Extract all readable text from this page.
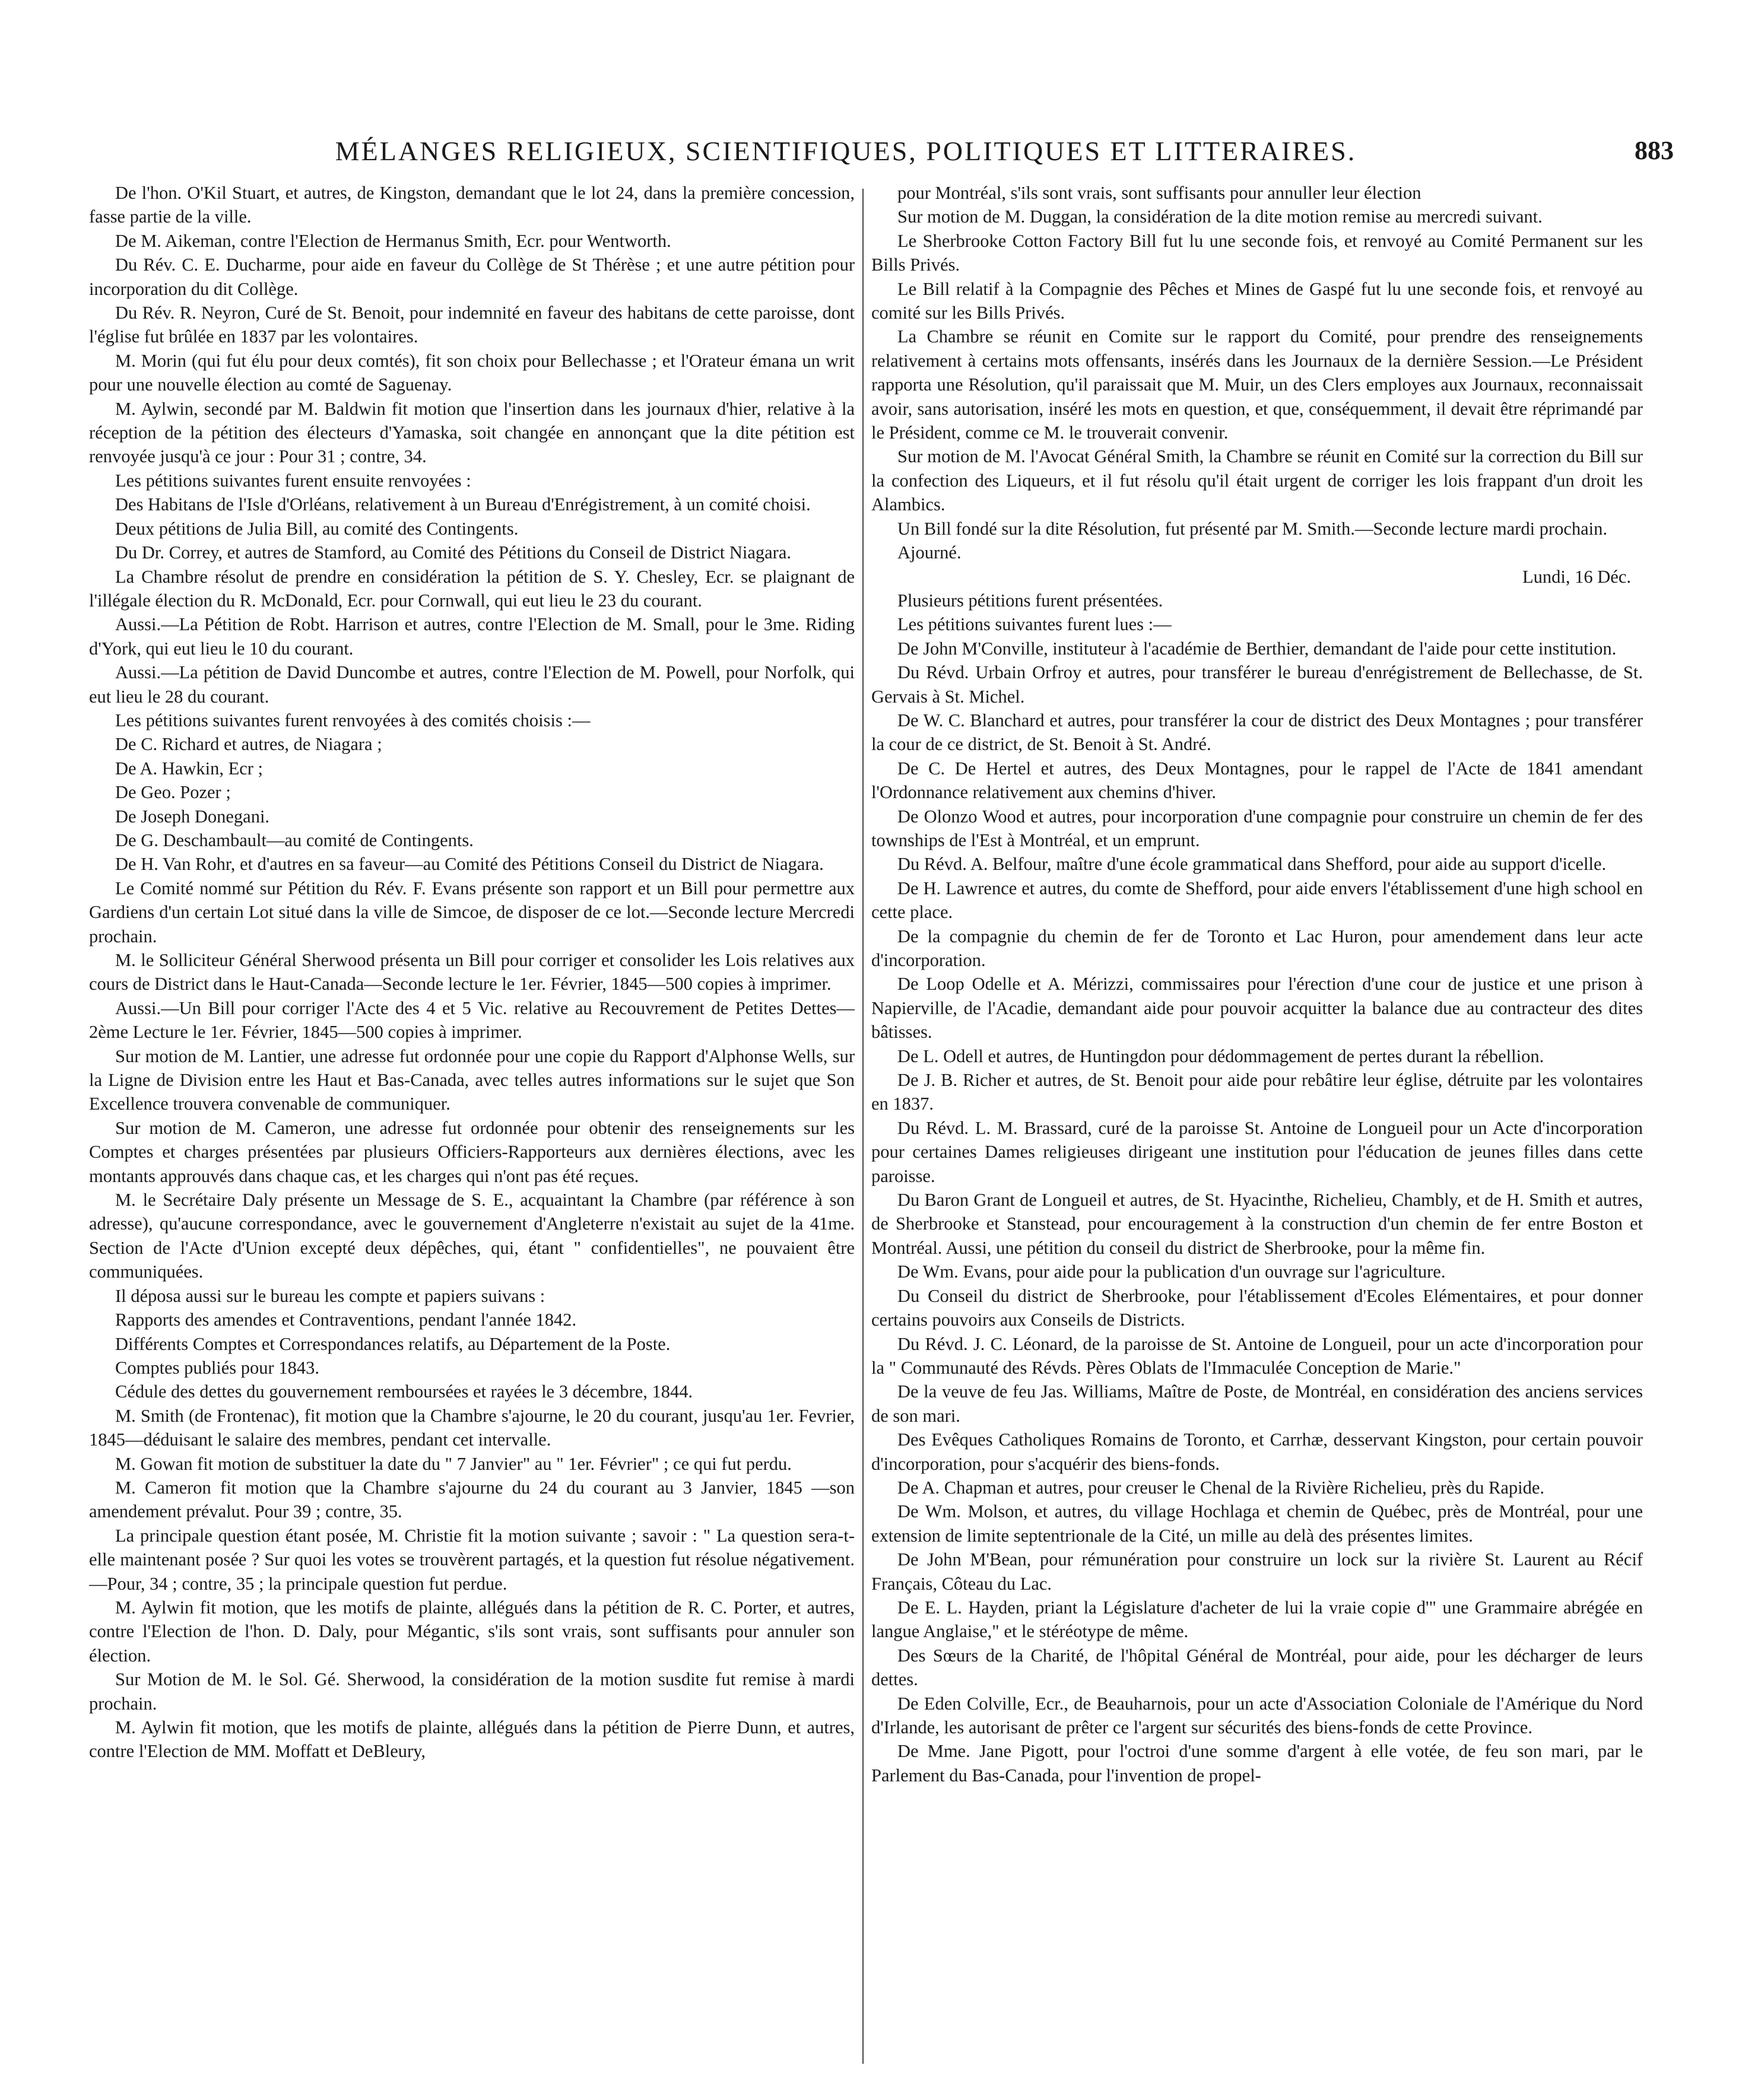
MÉLANGES RELIGIEUX, SCIENTIFIQUES, POLITIQUES ET LITTERAIRES.	883

De l'hon. O'Kil Stuart, et autres, de Kingston, demandant que le lot 24, dans la première concession, fasse partie de la ville.

De M. Aikeman, contre l'Election de Hermanus Smith, Ecr. pour Wentworth.

Du Rév. C. E. Ducharme, pour aide en faveur du Collège de St Thérèse ; et une autre pétition pour incorporation du dit Collège.

Du Rév. R. Neyron, Curé de St. Benoit, pour indemnité en faveur des habitans de cette paroisse, dont l'église fut brûlée en 1837 par les volontaires.

M. Morin (qui fut élu pour deux comtés), fit son choix pour Bellechasse ; et l'Orateur émana un writ pour une nouvelle élection au comté de Saguenay.

M. Aylwin, secondé par M. Baldwin fit motion que l'insertion dans les journaux d'hier, relative à la réception de la pétition des électeurs d'Yamaska, soit changée en annonçant que la dite pétition est renvoyée jusqu'à ce jour : Pour 31 ; contre, 34.

Les pétitions suivantes furent ensuite renvoyées :

Des Habitans de l'Isle d'Orléans, relativement à un Bureau d'Enrégistrement, à un comité choisi.

Deux pétitions de Julia Bill, au comité des Contingents.

Du Dr. Correy, et autres de Stamford, au Comité des Pétitions du Conseil de District Niagara.

La Chambre résolut de prendre en considération la pétition de S. Y. Chesley, Ecr. se plaignant de l'illégale élection du R. McDonald, Ecr. pour Cornwall, qui eut lieu le 23 du courant.

Aussi.—La Pétition de Robt. Harrison et autres, contre l'Election de M. Small, pour le 3me. Riding d'York, qui eut lieu le 10 du courant.

Aussi.—La pétition de David Duncombe et autres, contre l'Election de M. Powell, pour Norfolk, qui eut lieu le 28 du courant.

Les pétitions suivantes furent renvoyées à des comités choisis :—

De C. Richard et autres, de Niagara ;

De A. Hawkin, Ecr ;

De Geo. Pozer ;

De Joseph Donegani.

De G. Deschambault—au comité de Contingents.

De H. Van Rohr, et d'autres en sa faveur—au Comité des Pétitions Conseil du District de Niagara.

Le Comité nommé sur Pétition du Rév. F. Evans présente son rapport et un Bill pour permettre aux Gardiens d'un certain Lot situé dans la ville de Simcoe, de disposer de ce lot.—Seconde lecture Mercredi prochain.

M. le Solliciteur Général Sherwood présenta un Bill pour corriger et consolider les Lois relatives aux cours de District dans le Haut-Canada—Seconde lecture le 1er. Février, 1845—500 copies à imprimer.

Aussi.—Un Bill pour corriger l'Acte des 4 et 5 Vic. relative au Recouvrement de Petites Dettes—2ème Lecture le 1er. Février, 1845—500 copies à imprimer.

Sur motion de M. Lantier, une adresse fut ordonnée pour une copie du Rapport d'Alphonse Wells, sur la Ligne de Division entre les Haut et Bas-Canada, avec telles autres informations sur le sujet que Son Excellence trouvera convenable de communiquer.

Sur motion de M. Cameron, une adresse fut ordonnée pour obtenir des renseignements sur les Comptes et charges présentées par plusieurs Officiers-Rapporteurs aux dernières élections, avec les montants approuvés dans chaque cas, et les charges qui n'ont pas été reçues.

M. le Secrétaire Daly présente un Message de S. E., acquaintant la Chambre (par référence à son adresse), qu'aucune correspondance, avec le gouvernement d'Angleterre n'existait au sujet de la 41me. Section de l'Acte d'Union excepté deux dépêches, qui, étant " confidentielles", ne pouvaient être communiquées.

Il déposa aussi sur le bureau les compte et papiers suivans :

Rapports des amendes et Contraventions, pendant l'année 1842.

Différents Comptes et Correspondances relatifs, au Département de la Poste.

Comptes publiés pour 1843.

Cédule des dettes du gouvernement remboursées et rayées le 3 décembre, 1844.

M. Smith (de Frontenac), fit motion que la Chambre s'ajourne, le 20 du courant, jusqu'au 1er. Fevrier, 1845—déduisant le salaire des membres, pendant cet intervalle.

M. Gowan fit motion de substituer la date du " 7 Janvier" au " 1er. Février" ; ce qui fut perdu.

M. Cameron fit motion que la Chambre s'ajourne du 24 du courant au 3 Janvier, 1845 —son amendement prévalut. Pour 39 ; contre, 35.

La principale question étant posée, M. Christie fit la motion suivante ; savoir : " La question sera-t-elle maintenant posée ? Sur quoi les votes se trouvèrent partagés, et la question fut résolue négativement.—Pour, 34 ; contre, 35 ; la principale question fut perdue.

M. Aylwin fit motion, que les motifs de plainte, allégués dans la pétition de R. C. Porter, et autres, contre l'Election de l'hon. D. Daly, pour Mégantic, s'ils sont vrais, sont suffisants pour annuler son élection.

Sur Motion de M. le Sol. Gé. Sherwood, la considération de la motion susdite fut remise à mardi prochain.

M. Aylwin fit motion, que les motifs de plainte, allégués dans la pétition de Pierre Dunn, et autres, contre l'Election de MM. Moffatt et DeBleury,

pour Montréal, s'ils sont vrais, sont suffisants pour annuller leur élection

Sur motion de M. Duggan, la considération de la dite motion remise au mercredi suivant.

Le Sherbrooke Cotton Factory Bill fut lu une seconde fois, et renvoyé au Comité Permanent sur les Bills Privés.

Le Bill relatif à la Compagnie des Pêches et Mines de Gaspé fut lu une seconde fois, et renvoyé au comité sur les Bills Privés.

La Chambre se réunit en Comite sur le rapport du Comité, pour prendre des renseignements relativement à certains mots offensants, insérés dans les Journaux de la dernière Session.—Le Président rapporta une Résolution, qu'il paraissait que M. Muir, un des Clers employes aux Journaux, reconnaissait avoir, sans autorisation, inséré les mots en question, et que, conséquemment, il devait être réprimandé par le Président, comme ce M. le trouverait convenir.

Sur motion de M. l'Avocat Général Smith, la Chambre se réunit en Comité sur la correction du Bill sur la confection des Liqueurs, et il fut résolu qu'il était urgent de corriger les lois frappant d'un droit les Alambics.

Un Bill fondé sur la dite Résolution, fut présenté par M. Smith.—Seconde lecture mardi prochain.

Ajourné.

Lundi, 16 Déc.

Plusieurs pétitions furent présentées.

Les pétitions suivantes furent lues :—

De John M'Conville, instituteur à l'académie de Berthier, demandant de l'aide pour cette institution.

Du Révd. Urbain Orfroy et autres, pour transférer le bureau d'enrégistrement de Bellechasse, de St. Gervais à St. Michel.

De W. C. Blanchard et autres, pour transférer la cour de district des Deux Montagnes ; pour transférer la cour de ce district, de St. Benoit à St. André.

De C. De Hertel et autres, des Deux Montagnes, pour le rappel de l'Acte de 1841 amendant l'Ordonnance relativement aux chemins d'hiver.

De Olonzo Wood et autres, pour incorporation d'une compagnie pour construire un chemin de fer des townships de l'Est à Montréal, et un emprunt.

Du Révd. A. Belfour, maître d'une école grammatical dans Shefford, pour aide au support d'icelle.

De H. Lawrence et autres, du comte de Shefford, pour aide envers l'établissement d'une high school en cette place.

De la compagnie du chemin de fer de Toronto et Lac Huron, pour amendement dans leur acte d'incorporation.

De Loop Odelle et A. Mérizzi, commissaires pour l'érection d'une cour de justice et une prison à Napierville, de l'Acadie, demandant aide pour pouvoir acquitter la balance due au contracteur des dites bâtisses.

De L. Odell et autres, de Huntingdon pour dédommagement de pertes durant la rébellion.

De J. B. Richer et autres, de St. Benoit pour aide pour rebâtire leur église, détruite par les volontaires en 1837.

Du Révd. L. M. Brassard, curé de la paroisse St. Antoine de Longueil pour un Acte d'incorporation pour certaines Dames religieuses dirigeant une institution pour l'éducation de jeunes filles dans cette paroisse.

Du Baron Grant de Longueil et autres, de St. Hyacinthe, Richelieu, Chambly, et de H. Smith et autres, de Sherbrooke et Stanstead, pour encouragement à la construction d'un chemin de fer entre Boston et Montréal. Aussi, une pétition du conseil du district de Sherbrooke, pour la même fin.

De Wm. Evans, pour aide pour la publication d'un ouvrage sur l'agriculture.

Du Conseil du district de Sherbrooke, pour l'établissement d'Ecoles Elémentaires, et pour donner certains pouvoirs aux Conseils de Districts.

Du Révd. J. C. Léonard, de la paroisse de St. Antoine de Longueil, pour un acte d'incorporation pour la " Communauté des Révds. Pères Oblats de l'Immaculée Conception de Marie."

De la veuve de feu Jas. Williams, Maître de Poste, de Montréal, en considération des anciens services de son mari.

Des Evêques Catholiques Romains de Toronto, et Carrhæ, desservant Kingston, pour certain pouvoir d'incorporation, pour s'acquérir des biens-fonds.

De A. Chapman et autres, pour creuser le Chenal de la Rivière Richelieu, près du Rapide.

De Wm. Molson, et autres, du village Hochlaga et chemin de Québec, près de Montréal, pour une extension de limite septentrionale de la Cité, un mille au delà des présentes limites.

De John M'Bean, pour rémunération pour construire un lock sur la rivière St. Laurent au Récif Français, Côteau du Lac.

De E. L. Hayden, priant la Législature d'acheter de lui la vraie copie d'" une Grammaire abrégée en langue Anglaise," et le stéréotype de même.

Des Sœurs de la Charité, de l'hôpital Général de Montréal, pour aide, pour les décharger de leurs dettes.

De Eden Colville, Ecr., de Beauharnois, pour un acte d'Association Coloniale de l'Amérique du Nord d'Irlande, les autorisant de prêter ce l'argent sur sécurités des biens-fonds de cette Province.

De Mme. Jane Pigott, pour l'octroi d'une somme d'argent à elle votée, de feu son mari, par le Parlement du Bas-Canada, pour l'invention de propel-
